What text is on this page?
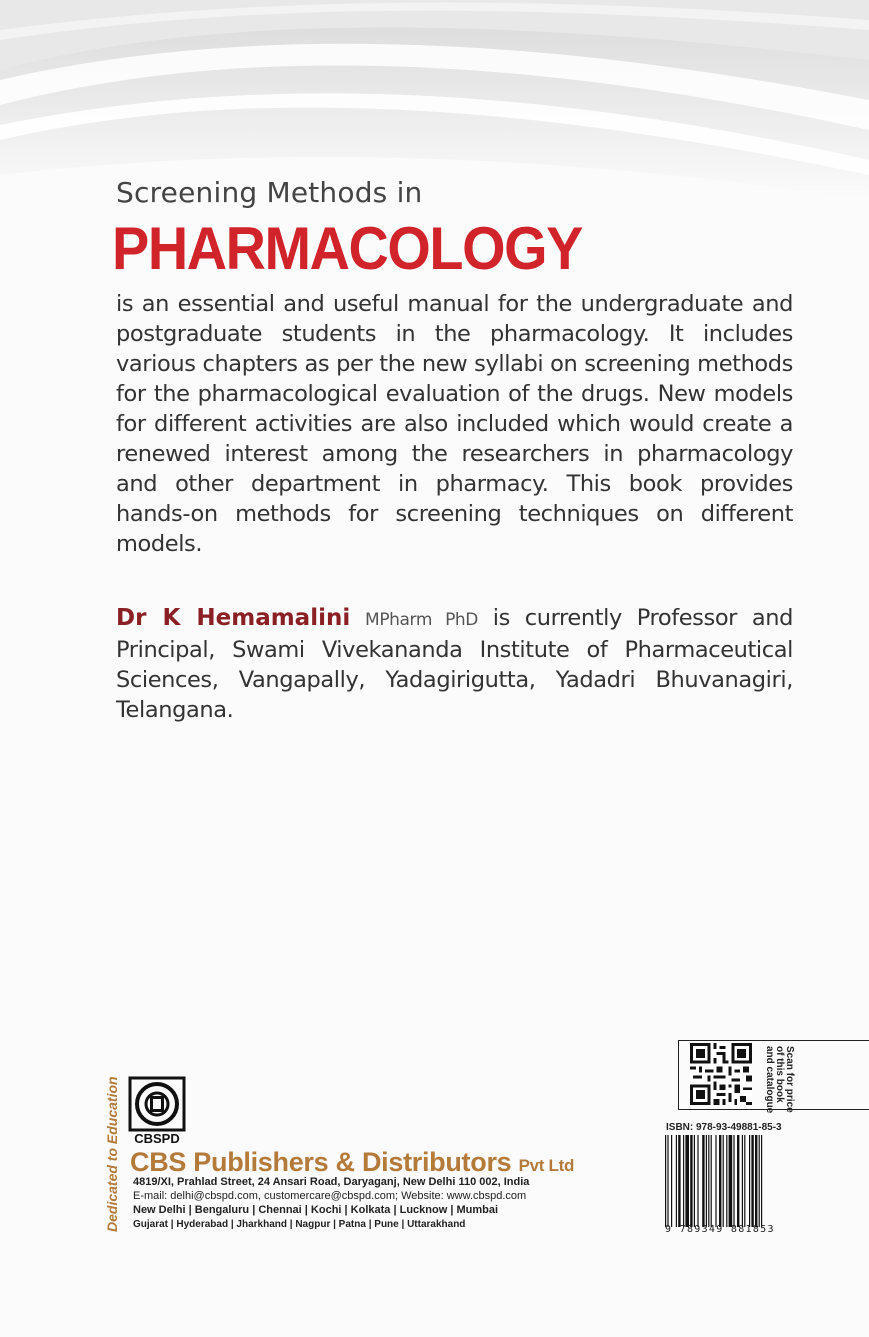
Screening Methods in
PHARMACOLOGY

is an essential and useful manual for the undergraduate and postgraduate students in the pharmacology. It includes various chapters as per the new syllabi on screening methods for the pharmacological evaluation of the drugs. New models for different activities are also included which would create a renewed interest among the researchers in pharmacology and other department in pharmacy. This book provides hands-on methods for screening techniques on different models.

Dr K Hemamalini MPharm PhD is currently Professor and Principal, Swami Vivekananda Institute of Pharmaceutical Sciences, Vangapally, Yadagirigutta, Yadadri Bhuvanagiri, Telangana.

Dedicated to Education CBSPD
CBS Publishers & Distributors Pvt Ltd
4819/XI, Prahlad Street, 24 Ansari Road, Daryaganj, New Delhi 110 002, India
E-mail: delhi@cbspd.com, customercare@cbspd.com; Website: www.cbspd.com
New Delhi | Bengaluru | Chennai | Kochi | Kolkata | Lucknow | Mumbai
Gujarat | Hyderabad | Jharkhand | Nagpur | Patna | Pune | Uttarakhand
Scan for price of this book and catalogue
ISBN: 978-93-49881-85-3
9 789349 881853
